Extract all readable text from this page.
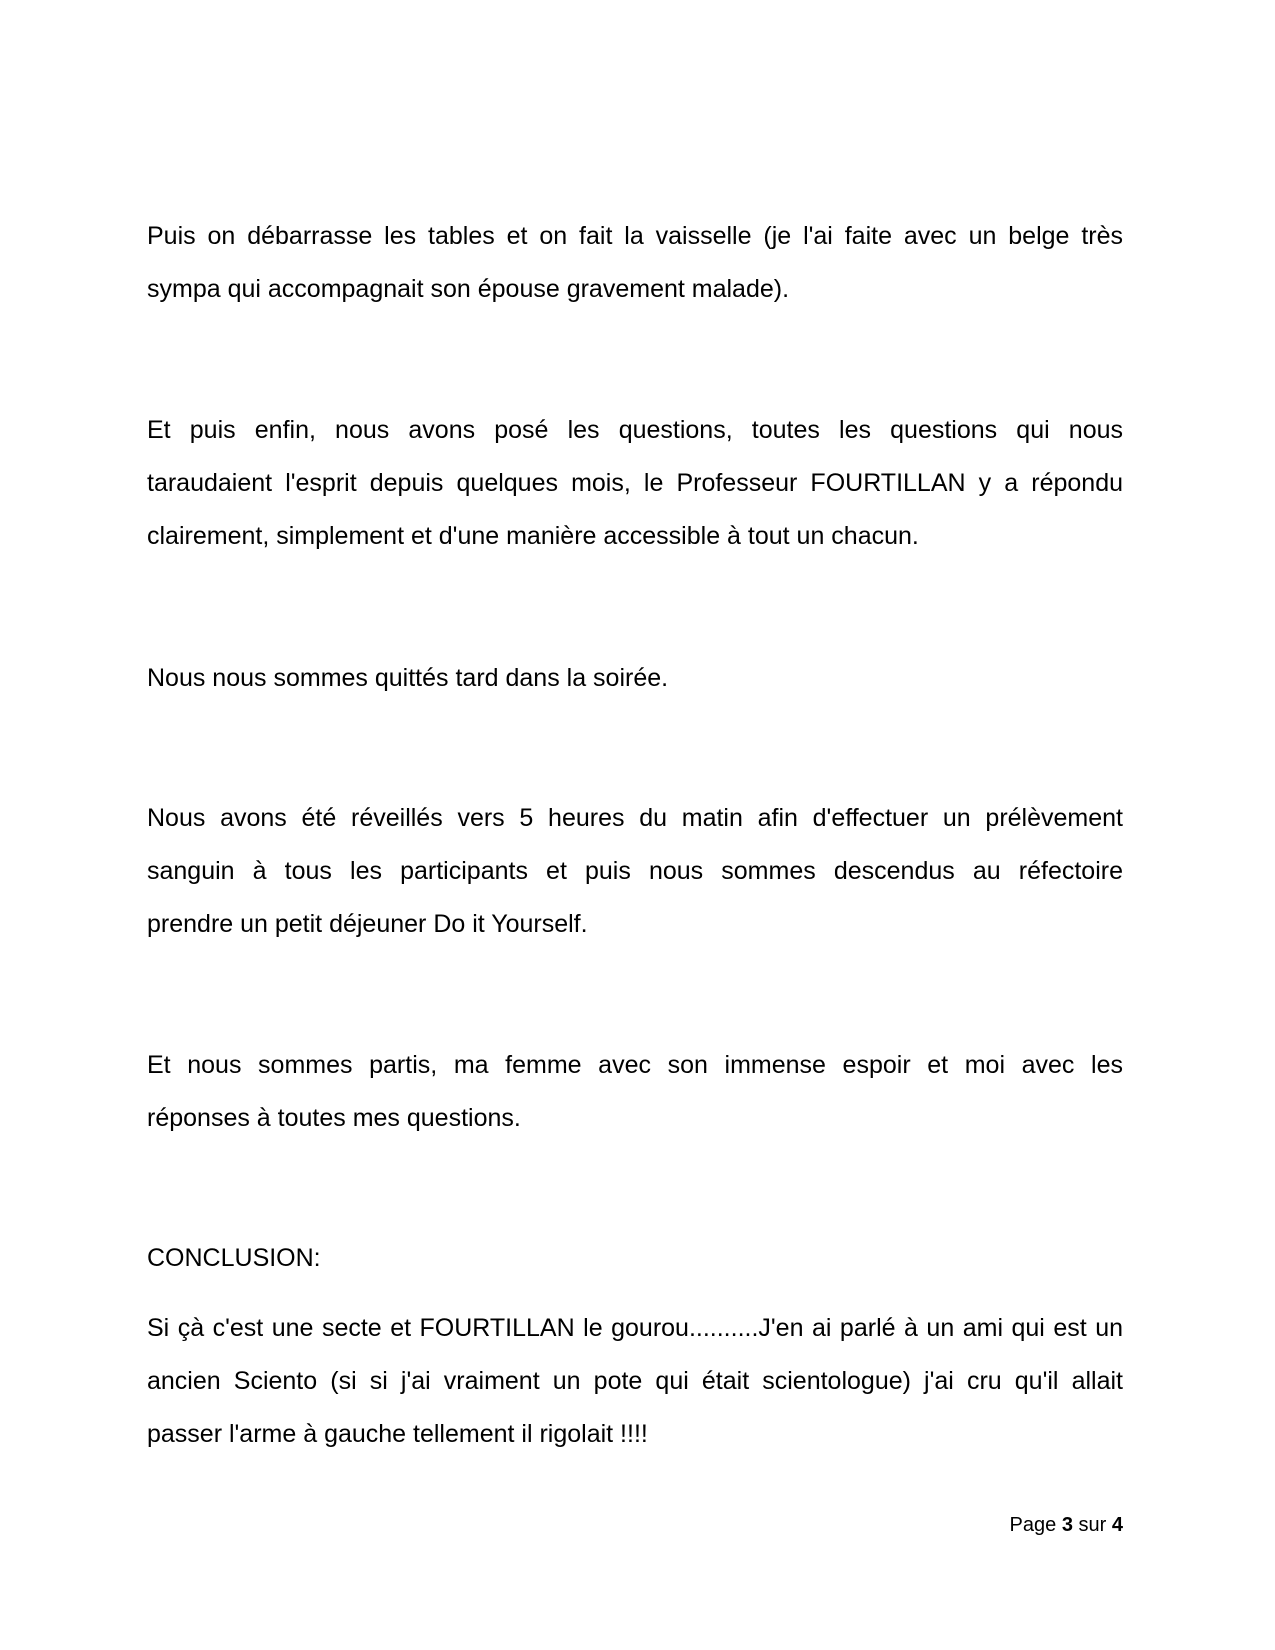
Puis on débarrasse les tables et on fait la vaisselle (je l'ai faite avec un belge très
sympa qui accompagnait son épouse gravement malade).

Et puis enfin, nous avons posé les questions, toutes les questions qui nous
taraudaient l'esprit depuis quelques mois, le Professeur FOURTILLAN y a répondu
clairement, simplement et d'une manière accessible à tout un chacun.

Nous nous sommes quittés tard dans la soirée.

Nous avons été réveillés vers 5 heures du matin afin d'effectuer un prélèvement
sanguin à tous les participants et puis nous sommes descendus au réfectoire
prendre un petit déjeuner Do it Yourself.

Et nous sommes partis, ma femme avec son immense espoir et moi avec les
réponses à toutes mes questions.

CONCLUSION:

Si çà c'est une secte et FOURTILLAN le gourou..........J'en ai parlé à un ami qui est un
ancien Sciento (si si j'ai vraiment un pote qui était scientologue) j'ai cru qu'il allait
passer l'arme à gauche tellement il rigolait !!!!

Page 3 sur 4
